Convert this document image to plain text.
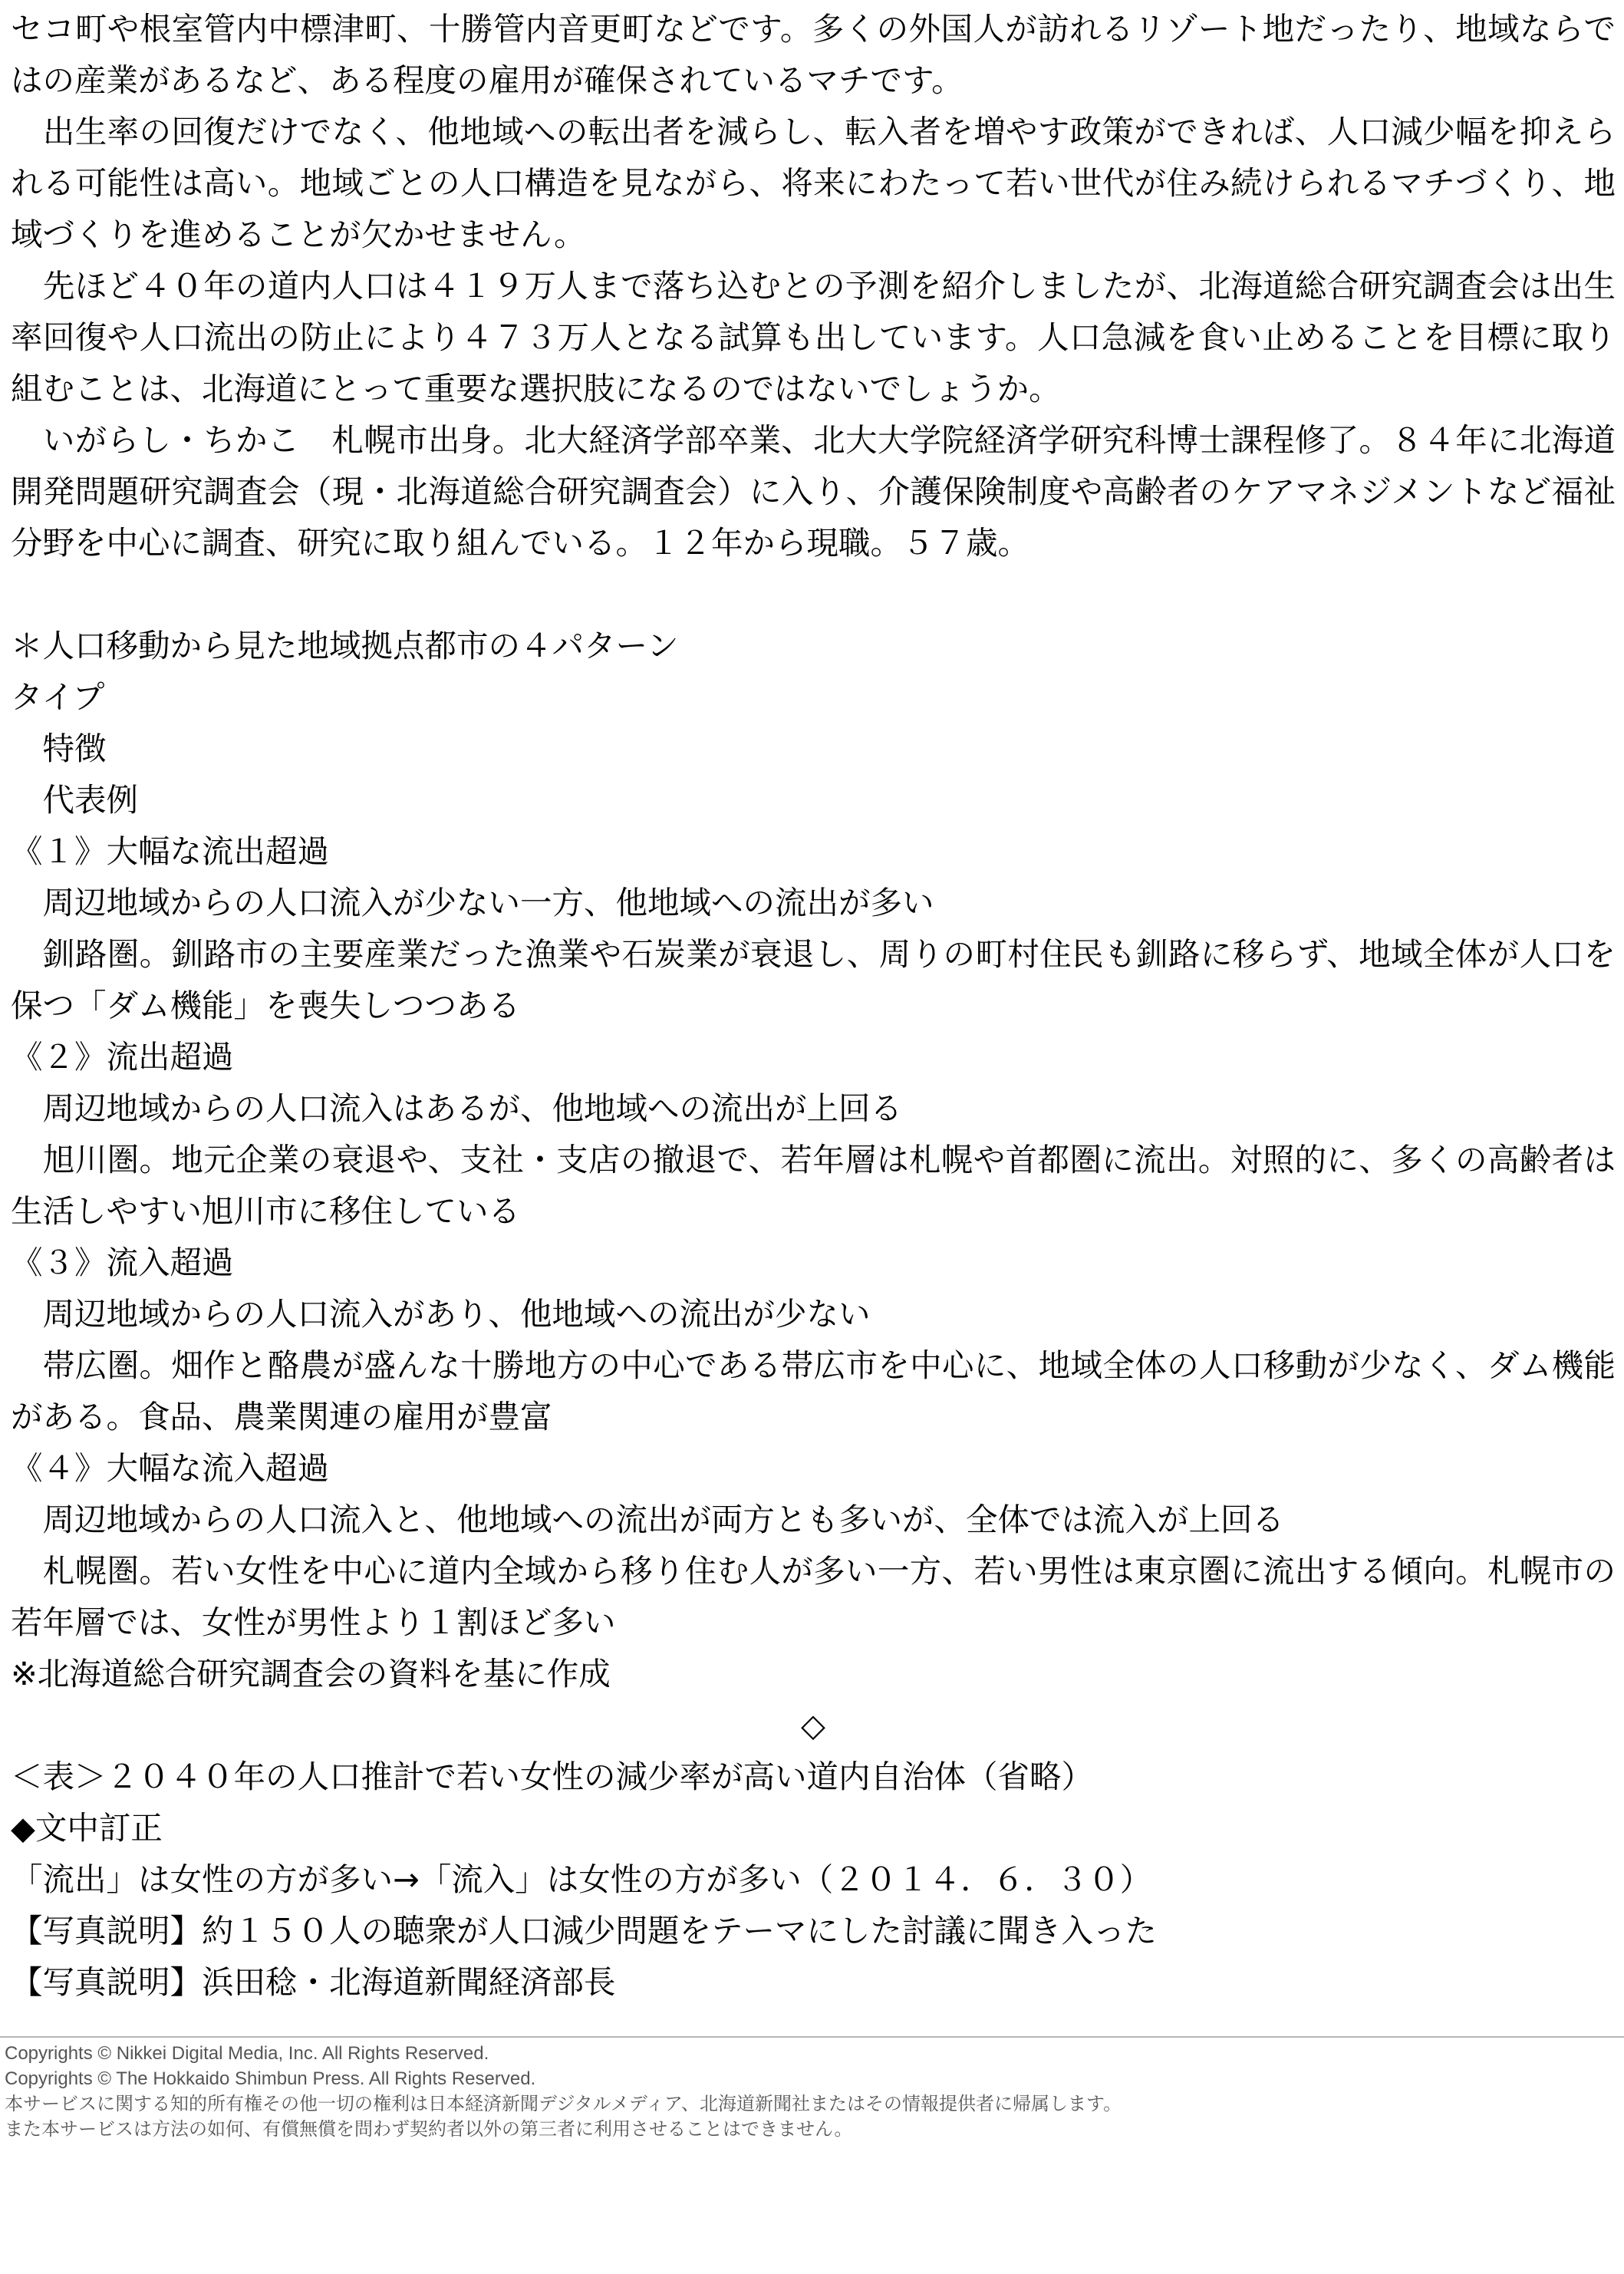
セコ町や根室管内中標津町、十勝管内音更町などです。多くの外国人が訪れるリゾート地だったり、地域ならではの産業があるなど、ある程度の雇用が確保されているマチです。

　出生率の回復だけでなく、他地域への転出者を減らし、転入者を増やす政策ができれば、人口減少幅を抑えられる可能性は高い。地域ごとの人口構造を見ながら、将来にわたって若い世代が住み続けられるマチづくり、地域づくりを進めることが欠かせません。

　先ほど４０年の道内人口は４１９万人まで落ち込むとの予測を紹介しましたが、北海道総合研究調査会は出生率回復や人口流出の防止により４７３万人となる試算も出しています。人口急減を食い止めることを目標に取り組むことは、北海道にとって重要な選択肢になるのではないでしょうか。

　いがらし・ちかこ　札幌市出身。北大経済学部卒業、北大大学院経済学研究科博士課程修了。８４年に北海道開発問題研究調査会（現・北海道総合研究調査会）に入り、介護保険制度や高齢者のケアマネジメントなど福祉分野を中心に調査、研究に取り組んでいる。１２年から現職。５７歳。

＊人口移動から見た地域拠点都市の４パターン

タイプ

　特徴

　代表例

《１》大幅な流出超過

　周辺地域からの人口流入が少ない一方、他地域への流出が多い

　釧路圏。釧路市の主要産業だった漁業や石炭業が衰退し、周りの町村住民も釧路に移らず、地域全体が人口を保つ「ダム機能」を喪失しつつある

《２》流出超過

　周辺地域からの人口流入はあるが、他地域への流出が上回る

　旭川圏。地元企業の衰退や、支社・支店の撤退で、若年層は札幌や首都圏に流出。対照的に、多くの高齢者は生活しやすい旭川市に移住している

《３》流入超過

　周辺地域からの人口流入があり、他地域への流出が少ない

　帯広圏。畑作と酪農が盛んな十勝地方の中心である帯広市を中心に、地域全体の人口移動が少なく、ダム機能がある。食品、農業関連の雇用が豊富

《４》大幅な流入超過

　周辺地域からの人口流入と、他地域への流出が両方とも多いが、全体では流入が上回る

　札幌圏。若い女性を中心に道内全域から移り住む人が多い一方、若い男性は東京圏に流出する傾向。札幌市の若年層では、女性が男性より１割ほど多い

※北海道総合研究調査会の資料を基に作成

◇

＜表＞２０４０年の人口推計で若い女性の減少率が高い道内自治体（省略）

◆文中訂正

「流出」は女性の方が多い→「流入」は女性の方が多い（２０１４．６．３０）

【写真説明】約１５０人の聴衆が人口減少問題をテーマにした討議に聞き入った

【写真説明】浜田稔・北海道新聞経済部長

Copyrights © Nikkei Digital Media, Inc. All Rights Reserved.
Copyrights © The Hokkaido Shimbun Press. All Rights Reserved.
本サービスに関する知的所有権その他一切の権利は日本経済新聞デジタルメディア、北海道新聞社またはその情報提供者に帰属します。
また本サービスは方法の如何、有償無償を問わず契約者以外の第三者に利用させることはできません。
